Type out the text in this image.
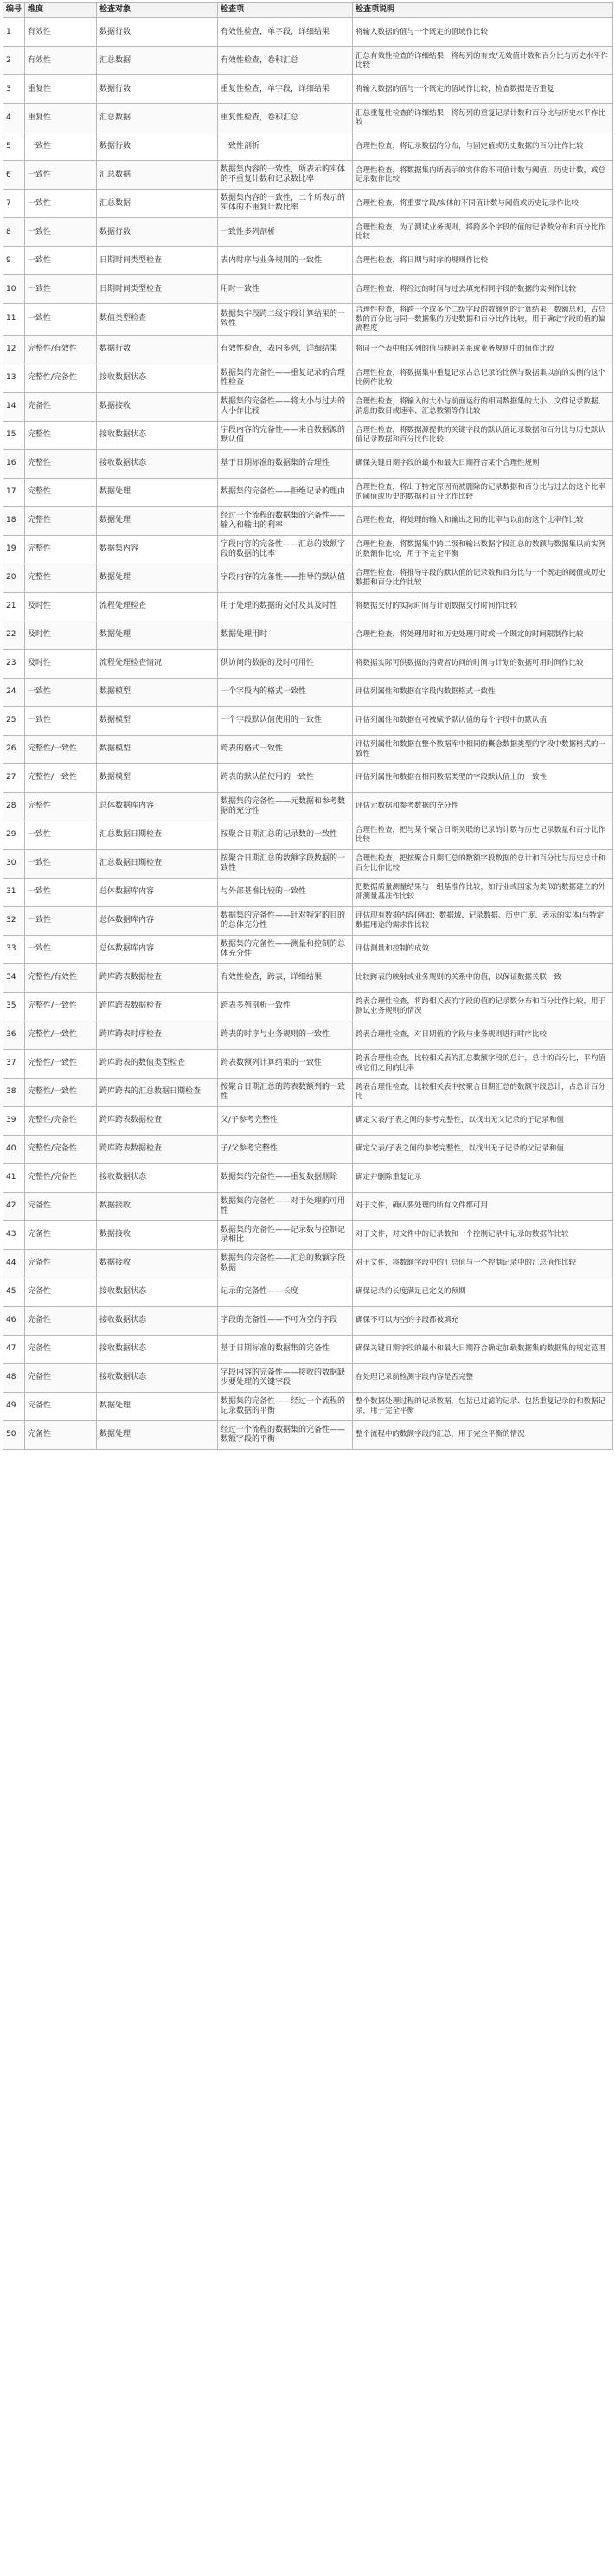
编号	维度	检查对象	检查项	检查项说明
1	有效性	数据行数	有效性检查，单字段，详细结果	将输入数据的值与一个既定的值域作比较
2	有效性	汇总数据	有效性检查，卷积汇总	汇总有效性检查的详细结果，将每列的有效/无效值计数和百分比与历史水平作比较
3	重复性	数据行数	重复性检查，单字段，详细结果	将输入数据的值与一个既定的值域作比较，检查数据是否重复
4	重复性	汇总数据	重复性检查，卷积汇总	汇总重复性检查的详细结果，将每列的重复记录计数和百分比与历史水平作比较
5	一致性	数据行数	一致性剖析	合理性检查，将记录数据的分布，与固定值或历史数据的百分比作比较
6	一致性	汇总数据	数据集内容的一致性，所表示的实体的不重复计数和记录数比率	合理性检查，将数据集内所表示的实体的不同值计数与阈值、历史计数，或总记录数作比较
7	一致性	汇总数据	数据集内容的一致性，二个所表示的实体的不重复计数比率	合理性检查，将重要字段/实体的不同值计数与阈值或历史记录作比较
8	一致性	数据行数	一致性多列剖析	合理性检查，为了测试业务规则，将跨多个字段的值的记录数分布和百分比作比较
9	一致性	日期时间类型检查	表内时序与业务规则的一致性	合理性检查，将日期与时序的规则作比较
10	一致性	日期时间类型检查	用时一致性	合理性检查，将经过的时间与过去填充相同字段的数据的实例作比较
11	一致性	数值类型检查	数据集字段跨二级字段计算结果的一致性	合理性检查，将跨一个或多个二级字段的数额列的计算结果，数额总和，占总数的百分比与同一数据集的历史数据和百分比作比较，用于确定字段的值的偏离程度
12	完整性/有效性	数据行数	有效性检查，表内多列，详细结果	将同一个表中相关列的值与映射关系或业务规则中的值作比较
13	完整性/完备性	接收数据状态	数据集的完备性——重复记录的合理性检查	合理性检查，将数据集中重复记录占总记录的比例与数据集以前的实例的这个比例作比较
14	完备性	数据接收	数据集的完备性——将大小与过去的大小作比较	合理性检查，将输入的大小与前面运行的相同数据集的大小、文件记录数据、消息的数目或速率、汇总数额等作比较
15	完整性	接收数据状态	字段内容的完备性——来自数据源的默认值	合理性检查，将数据源提供的关键字段的默认值记录数据和百分比与历史默认值记录数据和百分比作比较
16	完整性	接收数据状态	基于日期标准的数据集的合理性	确保关键日期字段的最小和最大日期符合某个合理性规则
17	完整性	数据处理	数据集的完备性——拒绝记录的理由	合理性检查，将出于特定原因而被删除的记录数据和百分比与过去的这个比率的阈值或历史的数据和百分比作比较
18	完整性	数据处理	经过一个流程的数据集的完备性——输入和输出的利率	合理性检查，将处理的输入和输出之间的比率与以前的这个比率作比较
19	完整性	数据集内容	字段内容的完备性——汇总的数额字段的数据的比率	合理性检查，将数据集中跨二级和输出数据字段汇总的数额与数据集以前实例的数额作比较，用于不完全平衡
20	完整性	数据处理	字段内容的完备性——推导的默认值	合理性检查，将推导字段的默认值的记录数和百分比与一个既定的阈值或历史数据和百分比作比较
21	及时性	流程处理检查	用于处理的数据的交付及其及时性	将数据交付的实际时间与计划数据交付时间作比较
22	及时性	数据处理	数据处理用时	合理性检查，将处理用时和历史处理用时或一个既定的时间限制作比较
23	及时性	流程处理检查情况	供访问的数据的及时可用性	将数据实际可供数据的消费者访问的时间与计划的数据可用时间作比较
24	一致性	数据模型	一个字段内的格式一致性	评估列属性和数据在字段内数据格式一致性
25	一致性	数据模型	一个字段默认值使用的一致性	评估列属性和数据在可被赋予默认值的每个字段中的默认值
26	完整性/一致性	数据模型	跨表的格式一致性	评估列属性和数据在整个数据库中相同的概念数据类型的字段中数据格式的一致性
27	完整性/一致性	数据模型	跨表的默认值使用的一致性	评估列属性和数据在相同数据类型的字段默认值上的一致性
28	完整性	总体数据库内容	数据集的完备性——元数据和参考数据的充分性	评估元数据和参考数据的充分性
29	一致性	汇总数据日期检查	按聚合日期汇总的记录数的一致性	合理性检查，把与某个聚合日期关联的记录的计数与历史记录数量和百分比作比较
30	一致性	汇总数据日期检查	按聚合日期汇总的数额字段数据的一致性	合理性检查，把按聚合日期汇总的数额字段数据的总计和百分比与历史总计和百分比作比较
31	一致性	总体数据库内容	与外部基准比较的一致性	把数据质量测量结果与一组基准作比较，如行业或国家为类似的数据建立的外部测量基准作比较
32	一致性	总体数据库内容	数据集的完备性——针对特定的目的的总体充分性	评估现有数据内容(例如：数据域、记录数据、历史广度、表示的实体)与特定数据用途的需求作比较
33	一致性	总体数据库内容	数据集的完备性——测量和控制的总体充分性	评估测量和控制的成效
34	完整性/有效性	跨库跨表数据检查	有效性检查，跨表，详细结果	比较跨表的映射或业务规则的关系中的值，以保证数据关联一致
35	完整性/一致性	跨库跨表数据检查	跨表多列剖析一致性	跨表合理性检查，将跨相关表的字段的值的记录数分布和百分比作比较，用于测试业务规则的情况
36	完整性/一致性	跨库跨表时序检查	跨表的时序与业务规则的一致性	跨表合理性检查，对日期值的字段与业务规则进行时序比较
37	完整性/一致性	跨库跨表的数值类型检查	跨表数额列计算结果的一致性	跨表合理性检查，比较相关表的汇总数额字段的总计，总计的百分比，平均值或它们之间的比率
38	完整性/一致性	跨库跨表的汇总数据日期检查	按聚合日期汇总的跨表数额列的一致性	跨表合理性检查，比较相关表中按聚合日期汇总的数额字段总计，占总计百分比
39	完整性/完备性	跨库跨表数据检查	父/子参考完整性	确定父表/子表之间的参考完整性，以找出无父记录的子记录和值
40	完整性/完备性	跨库跨表数据检查	子/父参考完整性	确定父表/子表之间的参考完整性，以找出无子记录的父记录和值
41	完整性/完备性	接收数据状态	数据集的完备性——重复数据删除	确定并删除重复记录
42	完备性	数据接收	数据集的完备性——对于处理的可用性	对于文件，确认要处理的所有文件都可用
43	完备性	数据接收	数据集的完备性——记录数与控制记录相比	对于文件，对文件中的记录数和一个控制记录中记录的数据作比较
44	完备性	数据接收	数据集的完备性——汇总的数额字段数据	对于文件，将数额字段中的汇总值与一个控制记录中的汇总值作比较
45	完备性	接收数据状态	记录的完备性——长度	确保记录的长度满足已定义的预期
46	完备性	接收数据状态	字段的完备性——不可为空的字段	确保不可以为空的字段都被填充
47	完备性	接收数据状态	基于日期标准的数据集的完备性	确保关键日期字段的最小和最大日期符合确定加载数据集的数据集的规定范围
48	完备性	接收数据状态	字段内容的完备性——接收的数据缺少要处理的关键字段	在处理记录前检测字段内容是否完整
49	完备性	数据处理	数据集的完备性——经过一个流程的记录数据的平衡	整个数据处理过程的记录数据，包括已过滤的记录、包括重复记录的和数据记录，用于完全平衡
50	完备性	数据处理	经过一个流程的数据集的完备性——数额字段的平衡	整个流程中的数额字段的汇总，用于完全平衡的情况
